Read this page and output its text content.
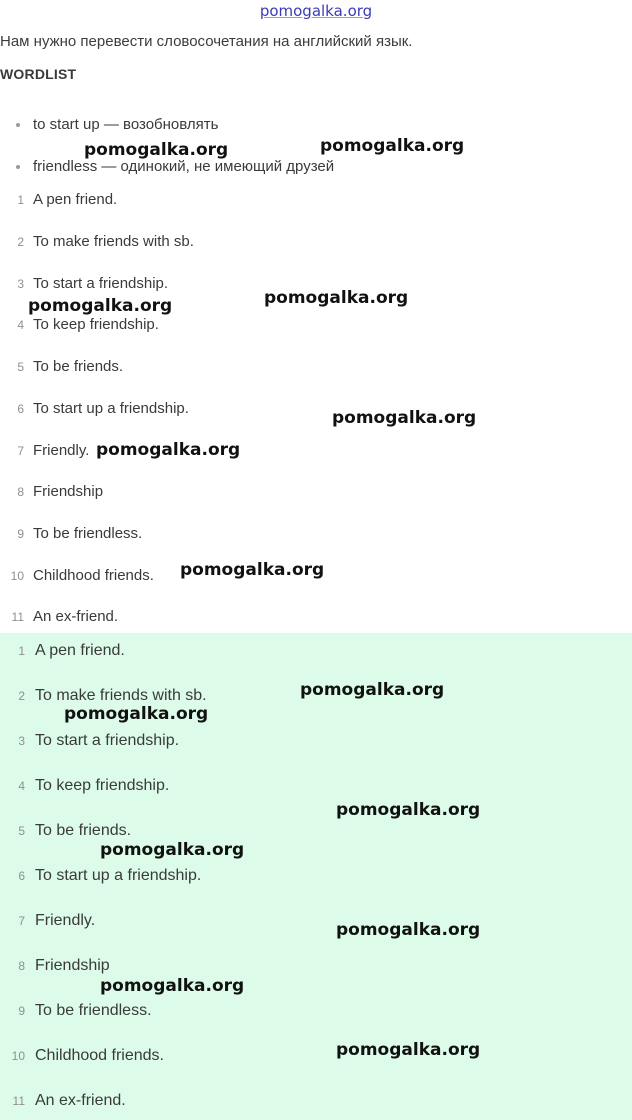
pomogalka.org
Нам нужно перевести словосочетания на английский язык.
WORDLIST
to start up — возобновлять
friendless — одинокий, не имеющий друзей
1 A pen friend.
2 To make friends with sb.
3 To start a friendship.
4 To keep friendship.
5 To be friends.
6 To start up a friendship.
7 Friendly.
8 Friendship
9 To be friendless.
10 Childhood friends.
11 An ex-friend.
1 A pen friend.
2 To make friends with sb.
3 To start a friendship.
4 To keep friendship.
5 To be friends.
6 To start up a friendship.
7 Friendly.
8 Friendship
9 To be friendless.
10 Childhood friends.
11 An ex-friend.
pomogalka.org	pomogalka.org
pomogalka.org	pomogalka.org
pomogalka.org
pomogalka.org
pomogalka.org
pomogalka.org
pomogalka.org
pomogalka.org
pomogalka.org
pomogalka.org
pomogalka.org
pomogalka.org
